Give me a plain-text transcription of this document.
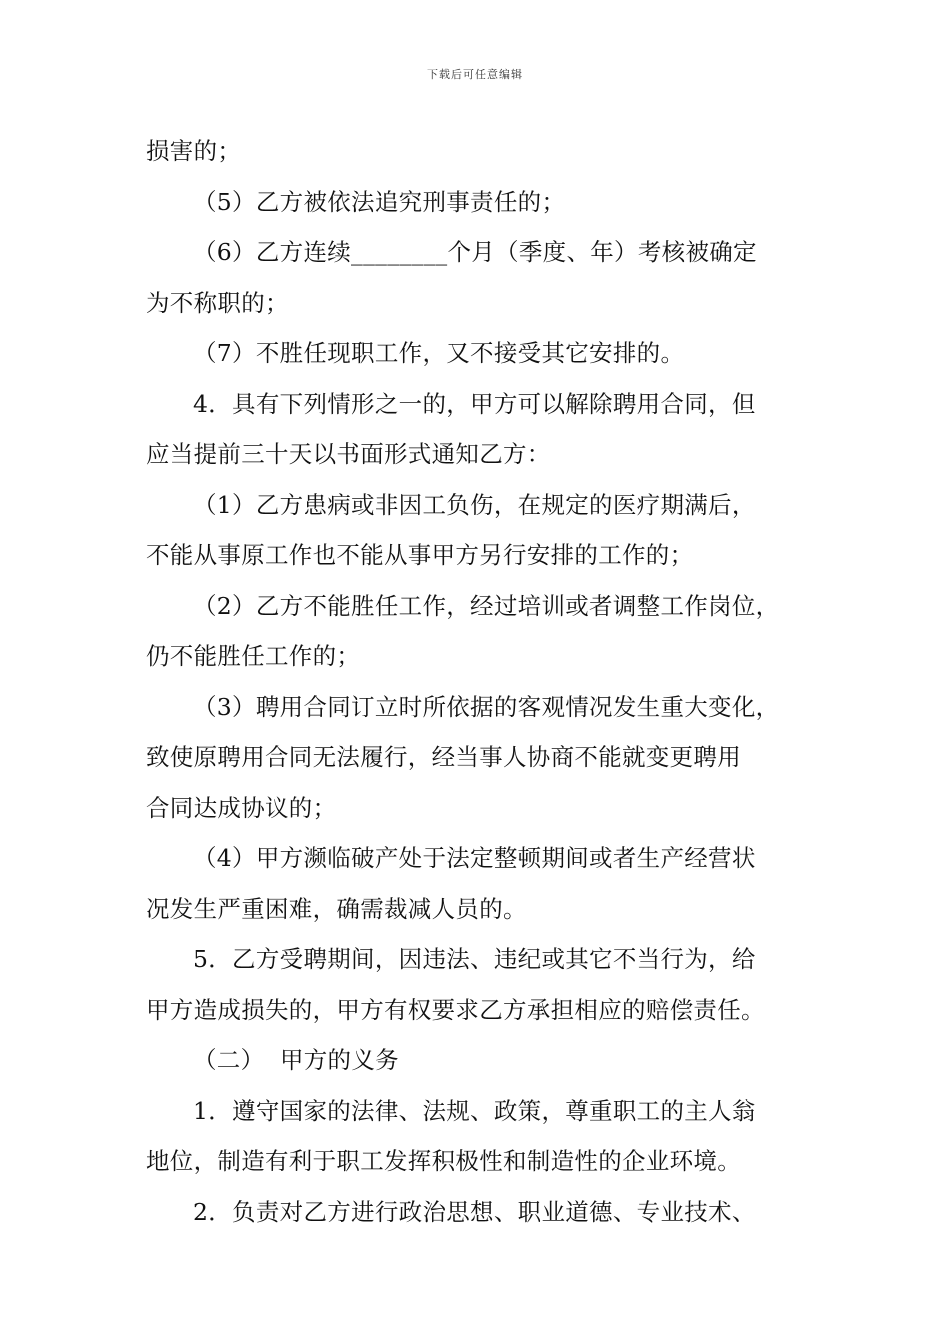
下载后可任意编辑
损害的；
（5）乙方被依法追究刑事责任的；
（6）乙方连续________个月（季度、年）考核被确定
为不称职的；
（7）不胜任现职工作，又不接受其它安排的。
4．具有下列情形之一的，甲方可以解除聘用合同，但
应当提前三十天以书面形式通知乙方：
（1）乙方患病或非因工负伤，在规定的医疗期满后，
不能从事原工作也不能从事甲方另行安排的工作的；
（2）乙方不能胜任工作，经过培训或者调整工作岗位，
仍不能胜任工作的；
（3）聘用合同订立时所依据的客观情况发生重大变化，
致使原聘用合同无法履行，经当事人协商不能就变更聘用
合同达成协议的；
（4）甲方濒临破产处于法定整顿期间或者生产经营状
况发生严重困难，确需裁减人员的。
5．乙方受聘期间，因违法、违纪或其它不当行为，给
甲方造成损失的，甲方有权要求乙方承担相应的赔偿责任。
（二）  甲方的义务
1．遵守国家的法律、法规、政策，尊重职工的主人翁
地位，制造有利于职工发挥积极性和制造性的企业环境。
2．负责对乙方进行政治思想、职业道德、专业技术、
